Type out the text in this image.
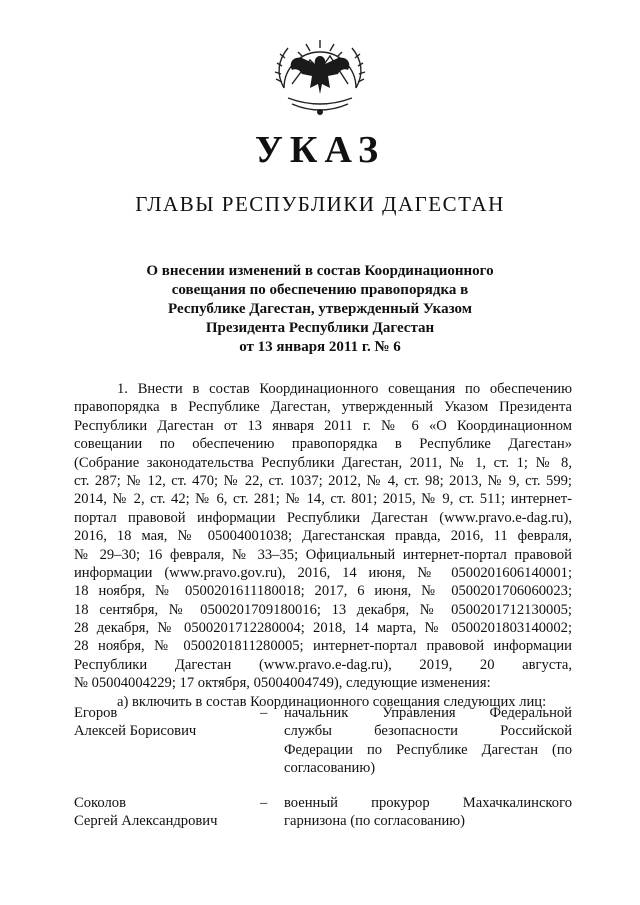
УКАЗ
ГЛАВЫ РЕСПУБЛИКИ ДАГЕСТАН
О внесении изменений в состав Координационного
совещания по обеспечению правопорядка в
Республике Дагестан, утвержденный Указом
Президента Республики Дагестан
от 13 января 2011 г. № 6
1. Внести в состав Координационного совещания по обеспечению
правопорядка в Республике Дагестан, утвержденный Указом Президента
Республики Дагестан от 13 января 2011 г. № 6 «О Координационном
совещании по обеспечению правопорядка в Республике Дагестан»
(Собрание законодательства Республики Дагестан, 2011, № 1, ст. 1; № 8,
ст. 287; № 12, ст. 470; № 22, ст. 1037; 2012, № 4, ст. 98; 2013, № 9, ст. 599;
2014, № 2, ст. 42; № 6, ст. 281; № 14, ст. 801; 2015, № 9, ст. 511; интернет-
портал правовой информации Республики Дагестан (www.pravo.e-dag.ru),
2016, 18 мая, № 05004001038; Дагестанская правда, 2016, 11 февраля,
№ 29–30; 16 февраля, № 33–35; Официальный интернет-портал правовой
информации (www.pravo.gov.ru), 2016, 14 июня, № 0500201606140001;
18 ноября, № 0500201611180018; 2017, 6 июня, № 0500201706060023;
18 сентября, № 0500201709180016; 13 декабря, № 0500201712130005;
28 декабря, № 0500201712280004; 2018, 14 марта, № 0500201803140002;
28 ноября, № 0500201811280005; интернет-портал правовой информации
Республики Дагестан (www.pravo.e-dag.ru), 2019, 20 августа,
№ 05004004229; 17 октября, 05004004749), следующие изменения:
а) включить в состав Координационного совещания следующих лиц:
Егоров
Алексей Борисович
– начальник Управления Федеральной
службы безопасности Российской
Федерации по Республике Дагестан (по
согласованию)
Соколов
Сергей Александрович
– военный прокурор Махачкалинского
гарнизона (по согласованию)
